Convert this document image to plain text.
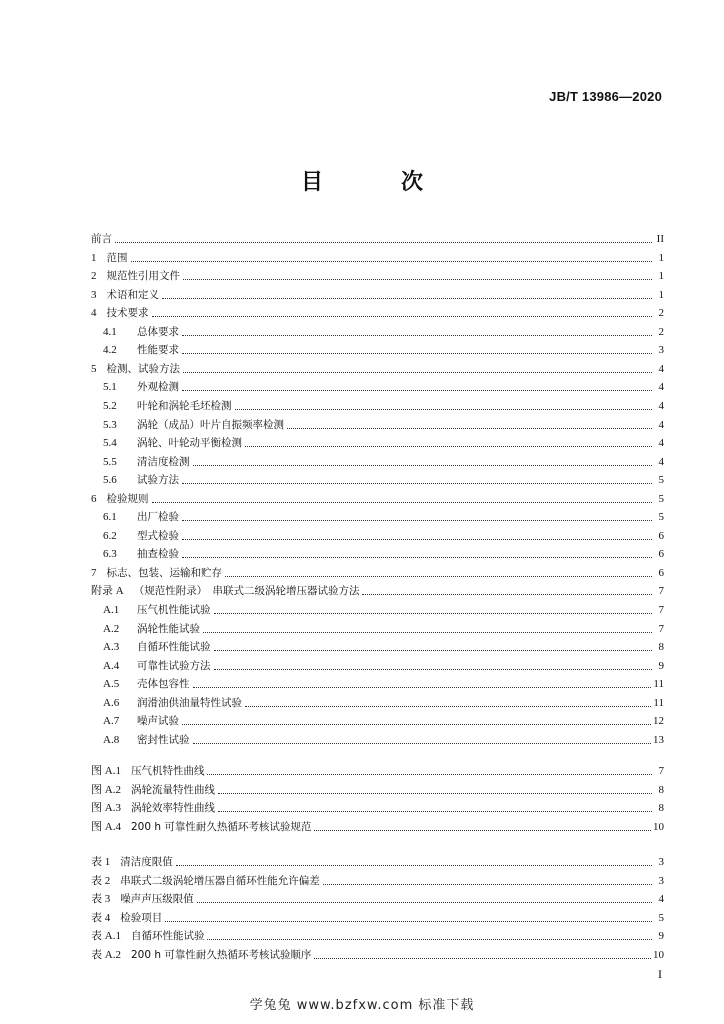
JB/T 13986—2020
目　次
前言	II
1 范围	1
2 规范性引用文件	1
3 术语和定义	1
4 技术要求	2
4.1 总体要求	2
4.2 性能要求	3
5 检测、试验方法	4
5.1 外观检测	4
5.2 叶轮和涡轮毛坯检测	4
5.3 涡轮（成品）叶片自振频率检测	4
5.4 涡轮、叶轮动平衡检测	4
5.5 清洁度检测	4
5.6 试验方法	5
6 检验规则	5
6.1 出厂检验	5
6.2 型式检验	6
6.3 抽查检验	6
7 标志、包装、运输和贮存	6
附录 A （规范性附录）　串联式二级涡轮增压器试验方法	7
A.1 压气机性能试验	7
A.2 涡轮性能试验	7
A.3 自循环性能试验	8
A.4 可靠性试验方法	9
A.5 壳体包容性	11
A.6 润滑油供油量特性试验	11
A.7 噪声试验	12
A.8 密封性试验	13
图 A.1 压气机特性曲线	7
图 A.2 涡轮流量特性曲线	8
图 A.3 涡轮效率特性曲线	8
图 A.4 200 h 可靠性耐久热循环考核试验规范	10
表 1 清洁度限值	3
表 2 串联式二级涡轮增压器自循环性能允许偏差	3
表 3 噪声声压级限值	4
表 4 检验项目	5
表 A.1 自循环性能试验	9
表 A.2 200 h 可靠性耐久热循环考核试验顺序	10
I
学兔兔 www.bzfxw.com 标准下载
